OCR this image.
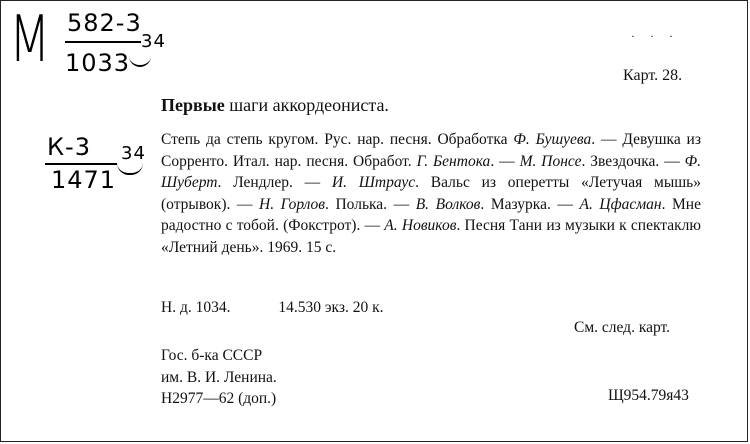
М 582-3
1033
34
К-3
1471
34
· · ·
Карт. 28.
Первые шаги аккордеониста.
Степь да степь кругом. Рус. нар. песня. Обработка Ф. Бушуева. — Девушка из Сорренто. Итал. нар. песня. Обработ. Г. Бентока. — М. Понсе. Звездочка. — Ф. Шуберт. Лендлер. — И. Штраус. Вальс из оперетты «Летучая мышь» (отрывок). — Н. Горлов. Полька. — В. Волков. Мазурка. — А. Цфасман. Мне радостно с тобой. (Фокстрот). — А. Новиков. Песня Тани из музыки к спектаклю «Летний день». 1969. 15 с.
Н. д. 1034.	14.530 экз. 20 к.
См. след. карт.
Гос. б-ка СССР
им. В. И. Ленина.
Н2977—62 (доп.)	Щ954.79я43
